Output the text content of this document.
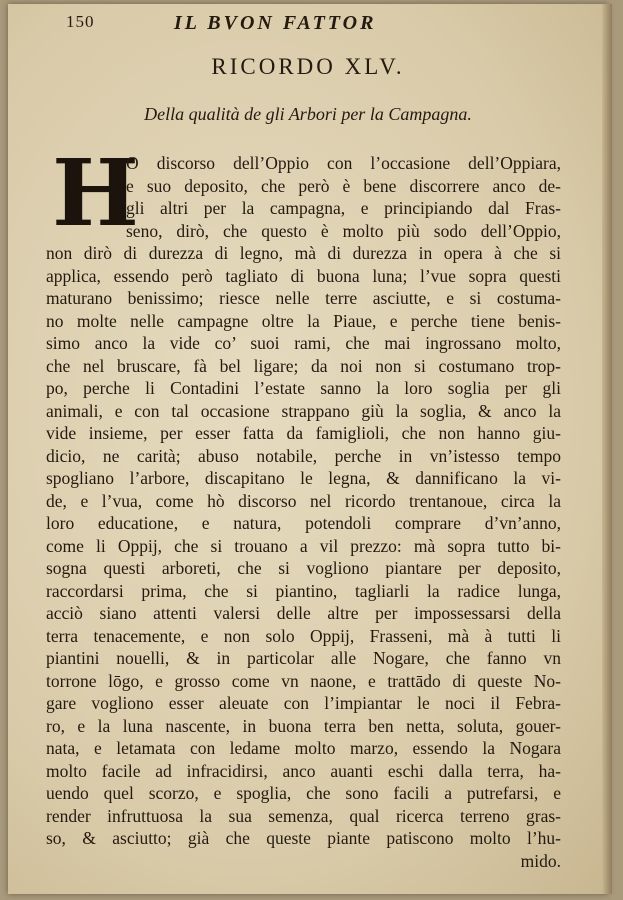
150	IL BVON FATTOR
RICORDO XLV.
Della qualità de gli Arbori per la Campagna.
H
O discorso dell’Oppio con l’occasione dell’Oppiara,
e suo deposito, che però è bene discorrere anco de-
gli altri per la campagna, e principiando dal Fras-
seno, dirò, che questo è molto più sodo dell’Oppio,
non dirò di durezza di legno, mà di durezza in opera à che si
applica, essendo però tagliato di buona luna; l’vue sopra questi
maturano benissimo; riesce nelle terre asciutte, e si costuma-
no molte nelle campagne oltre la Piaue, e perche tiene benis-
simo anco la vide co’ suoi rami, che mai ingrossano molto,
che nel bruscare, fà bel ligare; da noi non si costumano trop-
po, perche li Contadini l’estate sanno la loro soglia per gli
animali, e con tal occasione strappano giù la soglia, & anco la
vide insieme, per esser fatta da famiglioli, che non hanno giu-
dicio, ne carità; abuso notabile, perche in vn’istesso tempo
spogliano l’arbore, discapitano le legna, & dannificano la vi-
de, e l’vua, come hò discorso nel ricordo trentanoue, circa la
loro educatione, e natura, potendoli comprare d’vn’anno,
come li Oppij, che si trouano a vil prezzo: mà sopra tutto bi-
sogna questi arboreti, che si vogliono piantare per deposito,
raccordarsi prima, che si piantino, tagliarli la radice lunga,
acciò siano attenti valersi delle altre per impossessarsi della
terra tenacemente, e non solo Oppij, Frasseni, mà à tutti li
piantini nouelli, & in particolar alle Nogare, che fanno vn
torrone lōgo, e grosso come vn naone, e trattādo di queste No-
gare vogliono esser aleuate con l’impiantar le noci il Febra-
ro, e la luna nascente, in buona terra ben netta, soluta, gouer-
nata, e letamata con ledame molto marzo, essendo la Nogara
molto facile ad infracidirsi, anco auanti eschi dalla terra, ha-
uendo quel scorzo, e spoglia, che sono facili a putrefarsi, e
render infruttuosa la sua semenza, qual ricerca terreno gras-
so, & asciutto; già che queste piante patiscono molto l’hu-
mido.
